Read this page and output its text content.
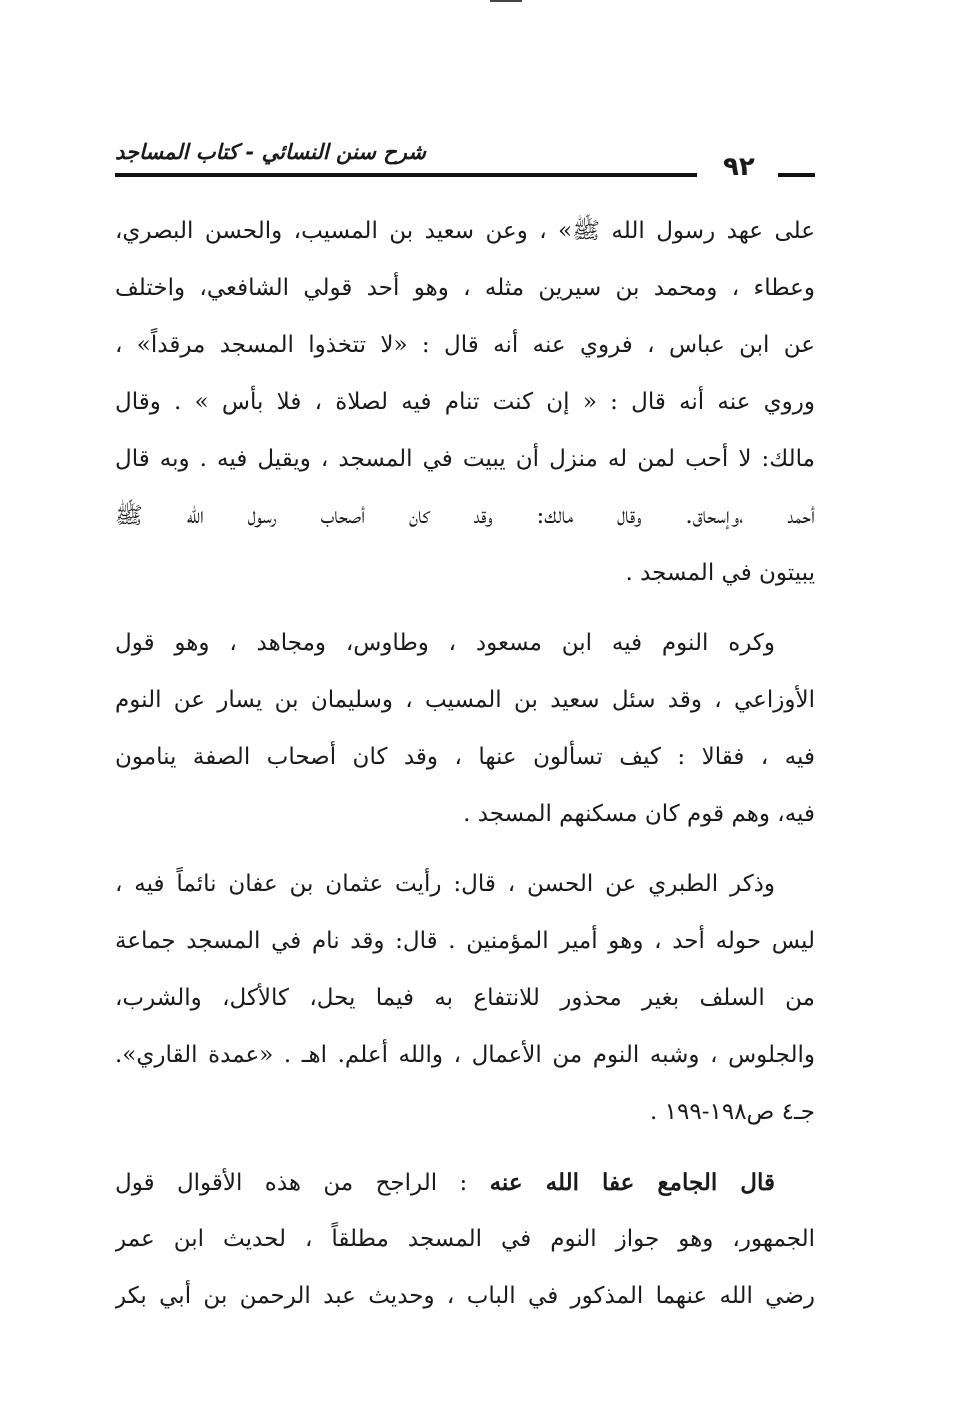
شرح سنن النسائي - كتاب المساجد	٩٢
على عهد رسول الله ﷺ» ، وعن سعيد بن المسيب، والحسن البصري،
وعطاء ، ومحمد بن سيرين مثله ، وهو أحد قولي الشافعي، واختلف
عن ابن عباس ، فروي عنه أنه قال : «لا تتخذوا المسجد مرقداً» ،
وروي عنه أنه قال : « إن كنت تنام فيه لصلاة ، فلا بأس » . وقال
مالك: لا أحب لمن له منزل أن يبيت في المسجد ، ويقيل فيه . وبه قال
أحمد ،وإسحاق. وقال مالك: وقد كان أصحاب رسول الله ﷺ
يبيتون في المسجد .
وكره النوم فيه ابن مسعود ، وطاوس، ومجاهد ، وهو قول
الأوزاعي ، وقد سئل سعيد بن المسيب ، وسليمان بن يسار عن النوم
فيه ، فقالا : كيف تسألون عنها ، وقد كان أصحاب الصفة ينامون
فيه، وهم قوم كان مسكنهم المسجد .
وذكر الطبري عن الحسن ، قال: رأيت عثمان بن عفان نائماً فيه ،
ليس حوله أحد ، وهو أمير المؤمنين . قال: وقد نام في المسجد جماعة
من السلف بغير محذور للانتفاع به فيما يحل، كالأكل، والشرب،
والجلوس ، وشبه النوم من الأعمال ، والله أعلم. اهـ . «عمدة القاري».
جـ٤ ص١٩٨-١٩٩ .
قال الجامع عفا الله عنه : الراجح من هذه الأقوال قول
الجمهور، وهو جواز النوم في المسجد مطلقاً ، لحديث ابن عمر
رضي الله عنهما المذكور في الباب ، وحديث عبد الرحمن بن أبي بكر
